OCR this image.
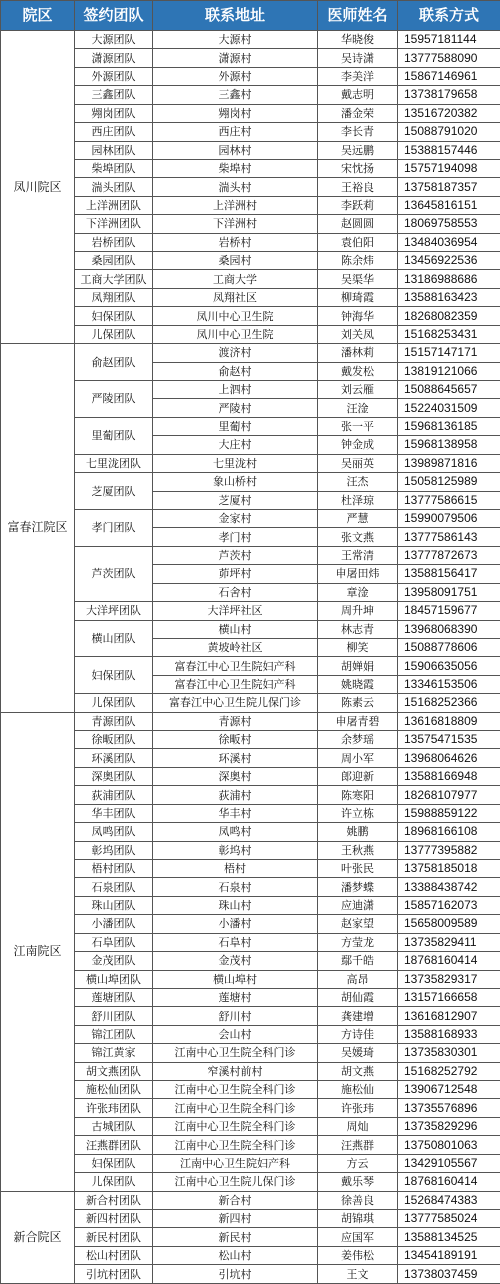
院区	签约团队	联系地址	医师姓名	联系方式
凤川院区	大源团队	大源村	华晓俊	15957181144
	潇源团队	潇源村	吴诗潇	13777588090
	外源团队	外源村	李美洋	15867146961
	三鑫团队	三鑫村	戴志明	13738179658
	翙岗团队	翙岗村	潘金荣	13516720382
	西庄团队	西庄村	李长青	15088791020
	园林团队	园林村	吴远鹏	15388157446
	柴埠团队	柴埠村	宋忱扬	15757194098
	湍头团队	湍头村	王裕良	13758187357
	上洋洲团队	上洋洲村	李跃莉	13645816151
	下洋洲团队	下洋洲村	赵圆圆	18069758553
	岩桥团队	岩桥村	袁伯阳	13484036954
	桑园团队	桑园村	陈余炜	13456922536
	工商大学团队	工商大学	吴渠华	13186988686
	凤翔团队	凤翔社区	柳琦霞	13588163423
	妇保团队	凤川中心卫生院	钟海华	18268082359
	儿保团队	凤川中心卫生院	刘关凤	15168253431
富春江院区	俞赵团队	渡济村	潘林莉	15157147171
		俞赵村	戴发松	13819121066
	严陵团队	上泗村	刘云雁	15088645657
		严陵村	汪淦	15224031509
	里葡团队	里葡村	张一平	15968136185
		大庄村	钟金成	15968138958
	七里泷团队	七里泷村	吴丽英	13989871816
	芝厦团队	象山桥村	汪杰	15058125989
		芝厦村	杜泽琼	13777586615
	孝门团队	金家村	严慧	15990079506
		孝门村	张文燕	13777586143
	芦茨团队	芦茨村	王常清	13777872673
		茆坪村	申屠田炜	13588156417
		石舍村	章淦	13958091751
	大洋坪团队	大洋坪社区	周升坤	18457159677
	横山团队	横山村	林志青	13968068390
		黄坡岭社区	柳笑	15088778606
	妇保团队	富春江中心卫生院妇产科	胡婵娟	15906635056
		富春江中心卫生院妇产科	姚晓霞	13346153506
	儿保团队	富春江中心卫生院儿保门诊	陈素云	15168252366
江南院区	青源团队	青源村	申屠青碧	13616818809
	徐畈团队	徐畈村	余梦瑶	13575471535
	环溪团队	环溪村	周小军	13968064626
	深奥团队	深奥村	郎迎新	13588166948
	荻浦团队	荻浦村	陈寒阳	18268107977
	华丰团队	华丰村	许立栋	15988859122
	凤鸣团队	凤鸣村	姚鹏	18968166108
	彰坞团队	彰坞村	王秋燕	13777395882
	梧村团队	梧村	叶张民	13758185018
	石泉团队	石泉村	潘梦蝶	13388438742
	珠山团队	珠山村	应迪潇	15857162073
	小潘团队	小潘村	赵家望	15658009589
	石阜团队	石阜村	方莹龙	13735829411
	金茂团队	金茂村	鄢千皓	18768160414
	横山埠团队	横山埠村	高昂	13735829317
	莲塘团队	莲塘村	胡仙霞	13157166658
	舒川团队	舒川村	龚建增	13616812907
	锦江团队	会山村	方诗佳	13588168933
	锦江黄家	江南中心卫生院全科门诊	吴媛琦	13735830301
	胡文燕团队	窄溪村前村	胡文燕	15168252792
	施松仙团队	江南中心卫生院全科门诊	施松仙	13906712548
	许张玮团队	江南中心卫生院全科门诊	许张玮	13735576896
	古城团队	江南中心卫生院全科门诊	周灿	13735829296
	汪燕群团队	江南中心卫生院全科门诊	汪燕群	13750801063
	妇保团队	江南中心卫生院妇产科	方云	13429105567
	儿保团队	江南中心卫生院儿保门诊	戴乐琴	18768160414
新合院区	新合村团队	新合村	徐善良	15268474383
	新四村团队	新四村	胡锦琪	13777585024
	新民村团队	新民村	应国军	13588134525
	松山村团队	松山村	姜伟松	13454189191
	引坑村团队	引坑村	王文	13738037459
